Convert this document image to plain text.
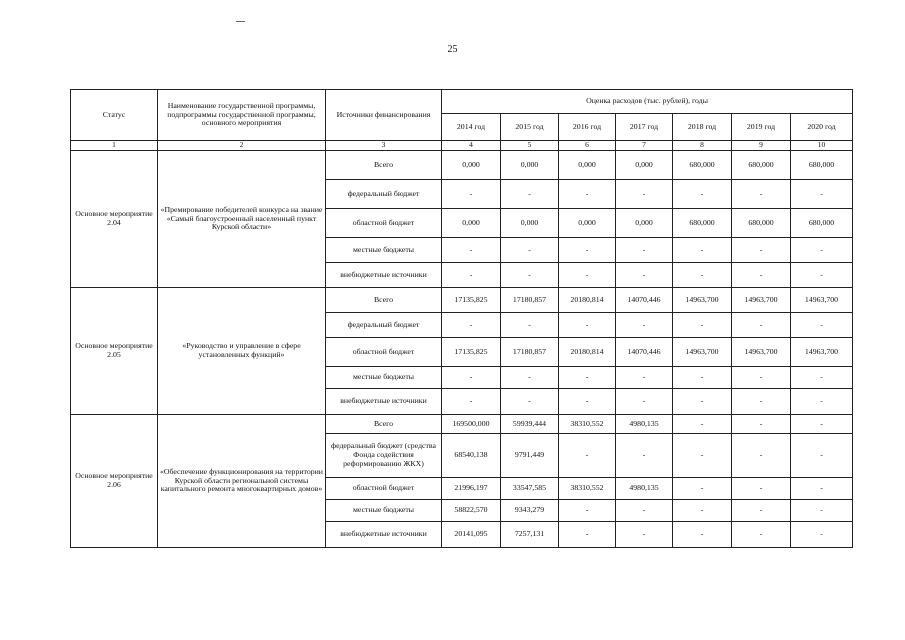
25
Статус	Наименование государственной программы, подпрограммы государственной программы, основного мероприятия	Источники финансирования	Оценка расходов (тыс. рублей), годы						
			2014 год	2015 год	2016 год	2017 год	2018 год	2019 год	2020 год
1	2	3	4	5	6	7	8	9	10
Основное мероприятие 2.04	«Премирование победителей конкурса на звание «Самый благоустроенный населенный пункт Курской области»	Всего	0,000	0,000	0,000	0,000	680,000	680,000	680,000
		федеральный бюджет	-	-	-	-	-	-	-
		областной бюджет	0,000	0,000	0,000	0,000	680,000	680,000	680,000
		местные бюджеты	-	-	-	-	-	-	-
		внебюджетные источники	-	-	-	-	-	-	-
Основное мероприятие 2.05	«Руководство и управление в сфере установленных функций»	Всего	17135,825	17180,857	20180,814	14070,446	14963,700	14963,700	14963,700
		федеральный бюджет	-	-	-	-	-	-	-
		областной бюджет	17135,825	17180,857	20180,814	14070,446	14963,700	14963,700	14963,700
		местные бюджеты	-	-	-	-	-	-	-
		внебюджетные источники	-	-	-	-	-	-	-
Основное мероприятие 2.06	«Обеспечение функционирования на территории Курской области региональной системы капитального ремонта многоквартирных домов»	Всего	169500,000	59939,444	38310,552	4980,135	-	-	-
		федеральный бюджет (средства Фонда содействия реформированию ЖКХ)	68540,138	9791,449	-	-	-	-	-
		областной бюджет	21996,197	33547,585	38310,552	4980,135	-	-	-
		местные бюджеты	58822,570	9343,279	-	-	-	-	-
		внебюджетные источники	20141,095	7257,131	-	-	-	-	-
